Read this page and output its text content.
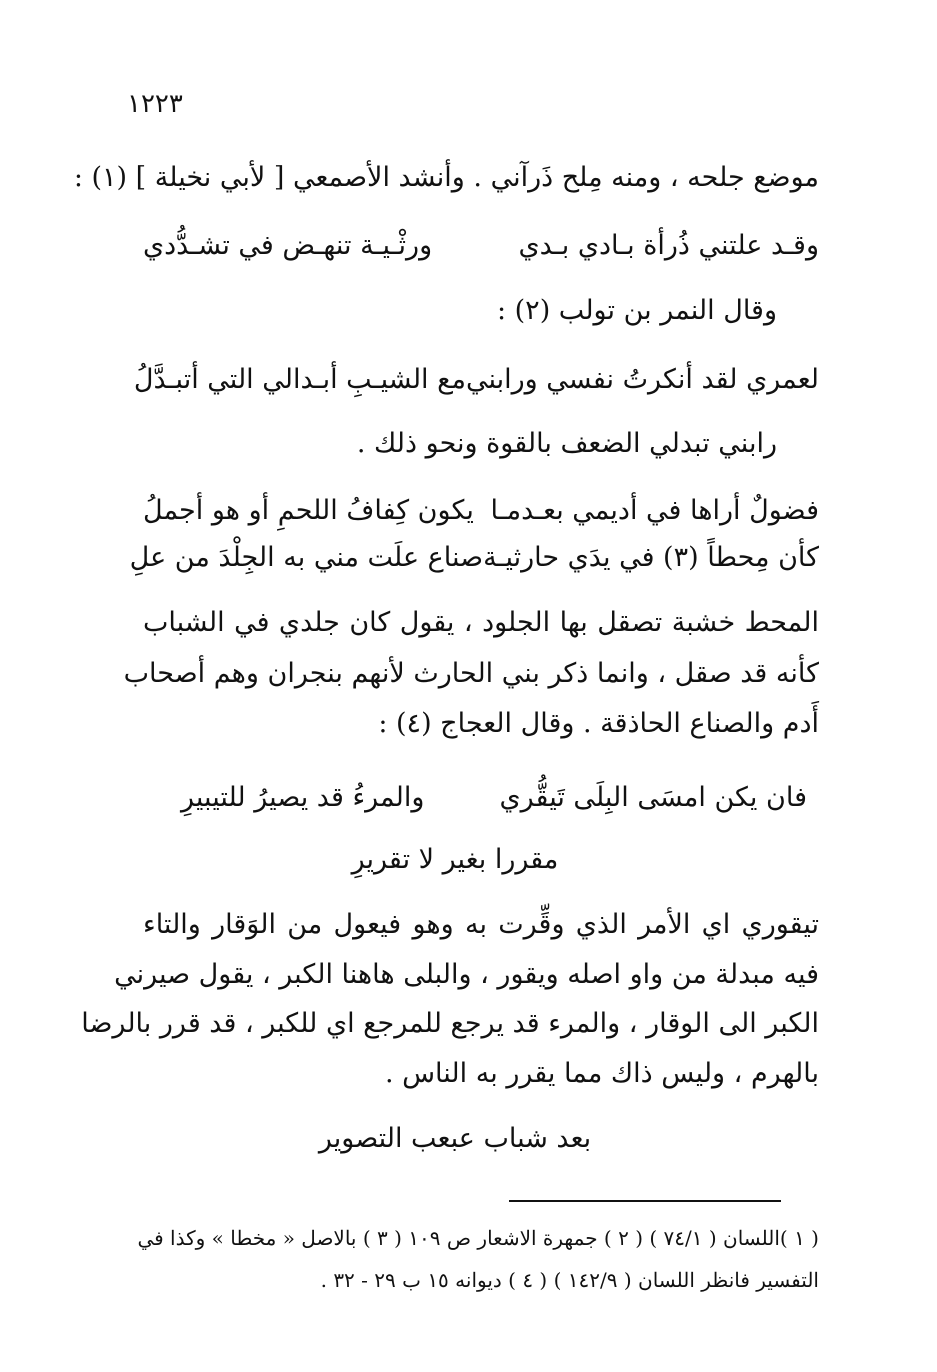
١٢٢٣
موضع جلحه ، ومنه مِلح ذَرآني . وأنشد الأصمعي [ لأبي نخيلة ] (١) :
وقـد علتني ذُرأة بـادي بـدي
ورثْـيـة تنهـض في تشـدُّدي
وقال النمر بن تولب (٢) :
لعمري لقد أنكرتُ نفسي ورابني
مع الشيـبِ أبـدالي التي أتبـدَّلُ
رابني تبدلي الضعف بالقوة ونحو ذلك .
فضولٌ أراها في أديمي بعـدمـا
يكون كِفافُ اللحمِ أو هو أجملُ
كأن مِحطاً (٣) في يدَي حارثيـة
صناع علَت مني به الجِلْدَ من علِ
المحط خشبة تصقل بها الجلود ، يقول كان جلدي في الشباب
كأنه قد صقل ، وانما ذكر بني الحارث لأنهم بنجران وهم أصحاب
أَدم والصناع الحاذقة . وقال العجاج (٤) :
فان يكن امسَى البِلَى تَيقُّري
والمرءُ قد يصيرُ للتيبيرِ
مقررا بغير لا تقريرِ
تيقوري اي الأمر الذي وقِّرت به وهو فيعول من الوَقار والتاء
فيه مبدلة من واو اصله ويقور ، والبلى هاهنا الكبر ، يقول صيرني
الكبر الى الوقار ، والمرء قد يرجع للمرجع اي للكبر ، قد قرر بالرضا
بالهرم ، وليس ذاك مما يقرر به الناس .
بعد شباب عبعب التصوير
( ١ )اللسان ( ٧٤/١ ) ( ٢ ) جمهرة الاشعار ص ١٠٩ ( ٣ ) بالاصل « مخطا » وكذا في
التفسير فانظر اللسان ( ١٤٢/٩ ) ( ٤ ) ديوانه ١٥ ب ٢٩ - ٣٢ .
